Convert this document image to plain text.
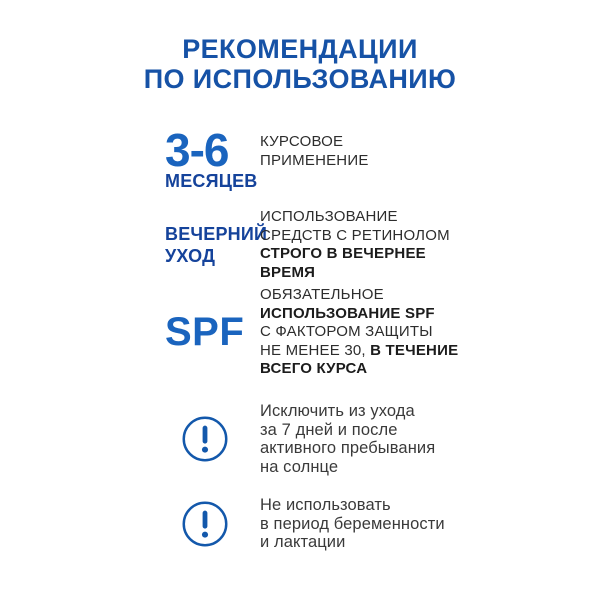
РЕКОМЕНДАЦИИ
ПО ИСПОЛЬЗОВАНИЮ
3-6
МЕСЯЦЕВ
КУРСОВОЕ
ПРИМЕНЕНИЕ
ВЕЧЕРНИЙ
УХОД
ИСПОЛЬЗОВАНИЕ
СРЕДСТВ С РЕТИНОЛОМ
СТРОГО В ВЕЧЕРНЕЕ ВРЕМЯ
SPF
ОБЯЗАТЕЛЬНОЕ
ИСПОЛЬЗОВАНИЕ SPF
С ФАКТОРОМ ЗАЩИТЫ
НЕ МЕНЕЕ 30, В ТЕЧЕНИЕ
ВСЕГО КУРСА
Исключить из ухода
за 7 дней и после
активного пребывания
на солнце
Не использовать
в период беременности
и лактации
